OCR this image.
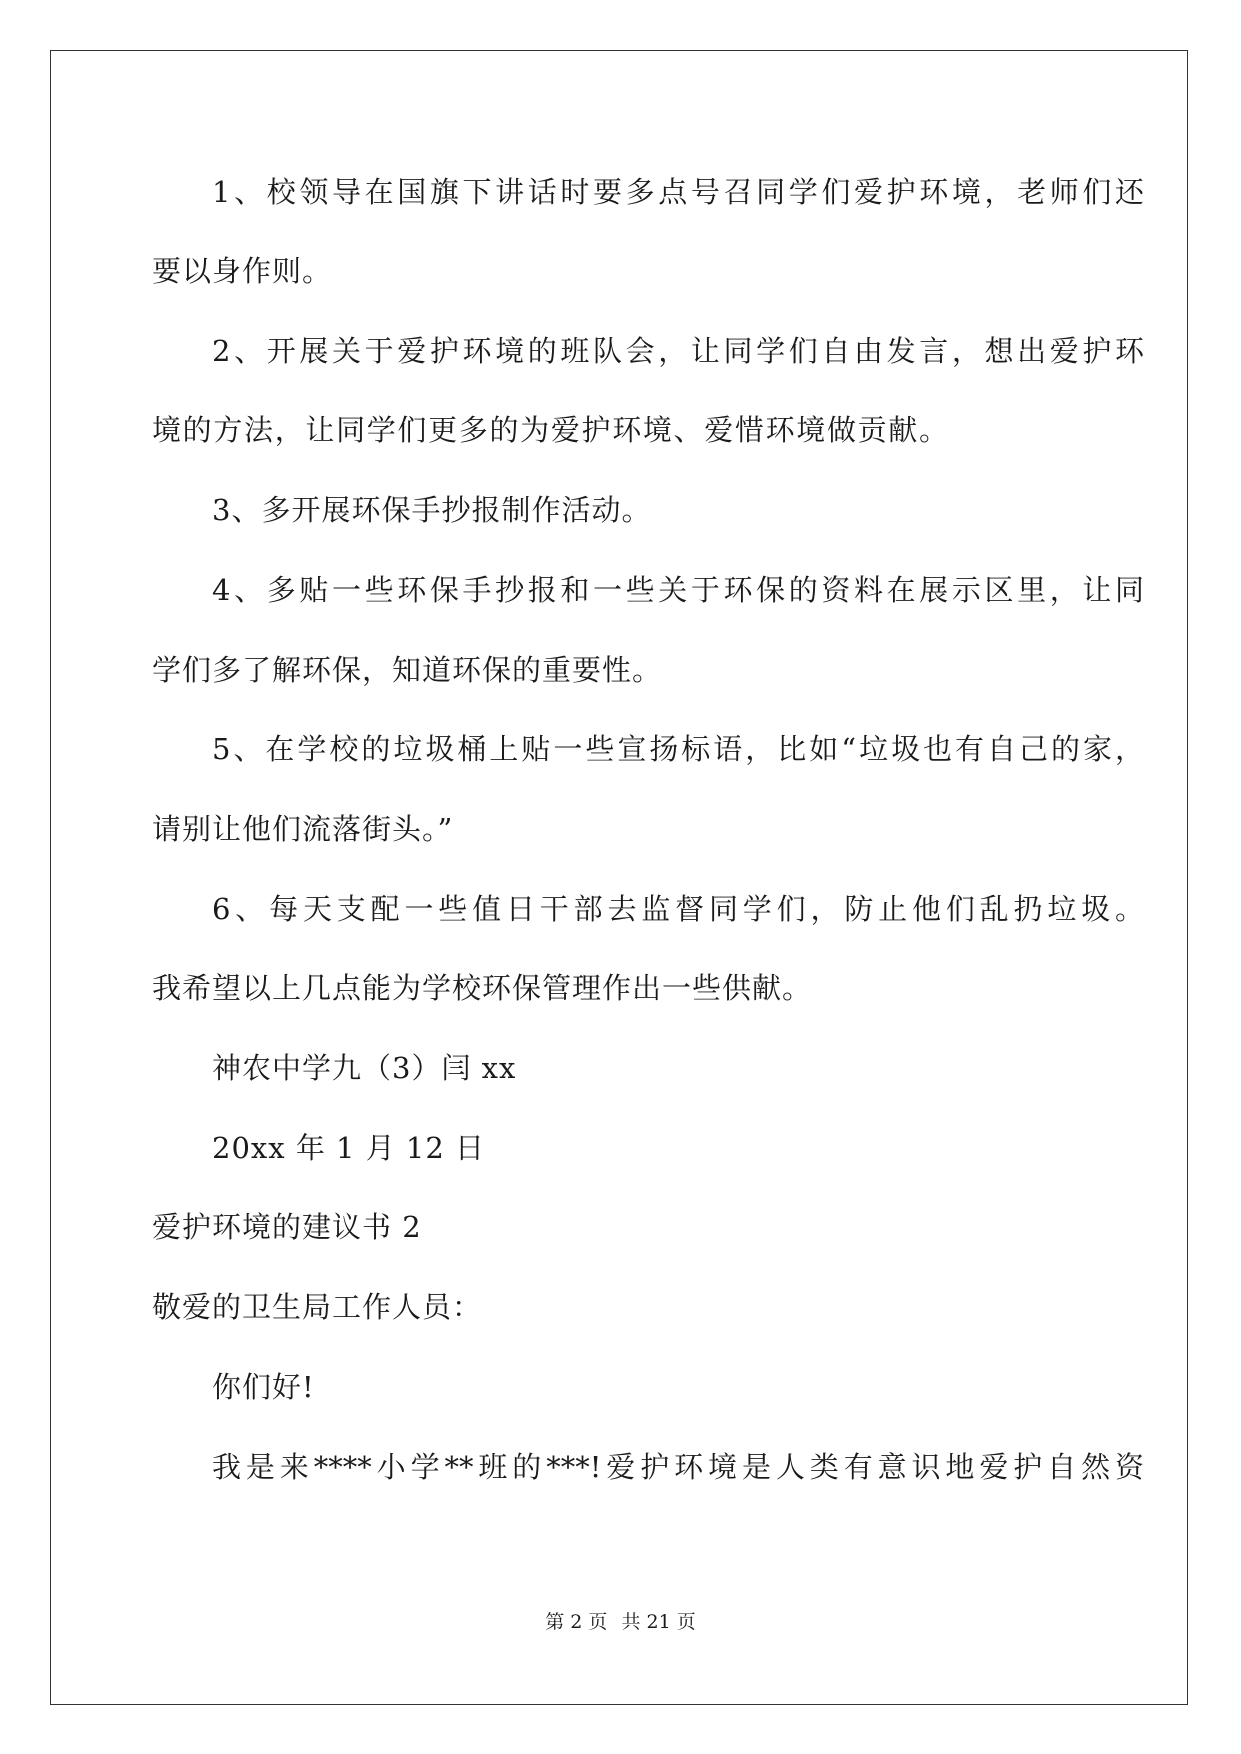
1、校领导在国旗下讲话时要多点号召同学们爱护环境，老师们还
要以身作则。
2、开展关于爱护环境的班队会，让同学们自由发言，想出爱护环
境的方法，让同学们更多的为爱护环境、爱惜环境做贡献。
3、多开展环保手抄报制作活动。
4、多贴一些环保手抄报和一些关于环保的资料在展示区里，让同
学们多了解环保，知道环保的重要性。
5、在学校的垃圾桶上贴一些宣扬标语，比如“垃圾也有自己的家，
请别让他们流落街头。”
6、每天支配一些值日干部去监督同学们，防止他们乱扔垃圾。
我希望以上几点能为学校环保管理作出一些供献。
神农中学九（3）闫 xx
20xx 年 1 月 12 日
爱护环境的建议书 2
敬爱的卫生局工作人员：
你们好!
我是来****小学**班的***!爱护环境是人类有意识地爱护自然资
第 2 页 共 21 页
